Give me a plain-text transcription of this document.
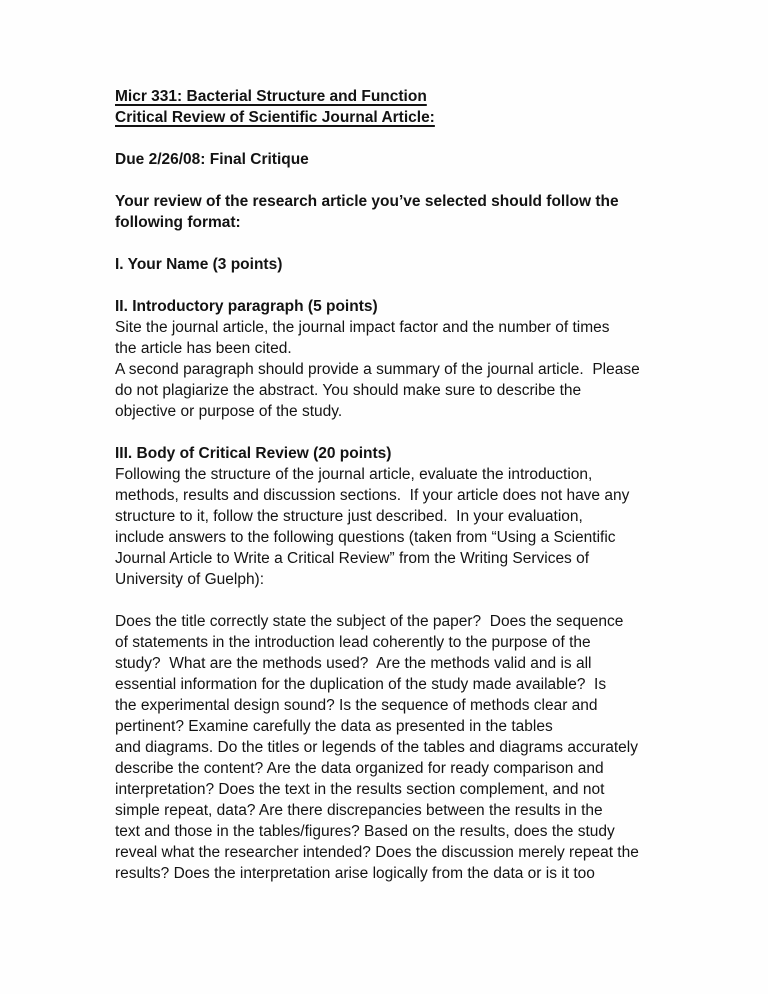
Micr 331: Bacterial Structure and Function
Critical Review of Scientific Journal Article:

Due 2/26/08: Final Critique

Your review of the research article you’ve selected should follow the
following format:

I. Your Name (3 points)

II. Introductory paragraph (5 points)
Site the journal article, the journal impact factor and the number of times
the article has been cited.
A second paragraph should provide a summary of the journal article.  Please
do not plagiarize the abstract. You should make sure to describe the
objective or purpose of the study.

III. Body of Critical Review (20 points)
Following the structure of the journal article, evaluate the introduction,
methods, results and discussion sections.  If your article does not have any
structure to it, follow the structure just described.  In your evaluation,
include answers to the following questions (taken from “Using a Scientific
Journal Article to Write a Critical Review” from the Writing Services of
University of Guelph):

Does the title correctly state the subject of the paper?  Does the sequence
of statements in the introduction lead coherently to the purpose of the
study?  What are the methods used?  Are the methods valid and is all
essential information for the duplication of the study made available?  Is
the experimental design sound? Is the sequence of methods clear and
pertinent? Examine carefully the data as presented in the tables
and diagrams. Do the titles or legends of the tables and diagrams accurately
describe the content? Are the data organized for ready comparison and
interpretation? Does the text in the results section complement, and not
simple repeat, data? Are there discrepancies between the results in the
text and those in the tables/figures? Based on the results, does the study
reveal what the researcher intended? Does the discussion merely repeat the
results? Does the interpretation arise logically from the data or is it too
